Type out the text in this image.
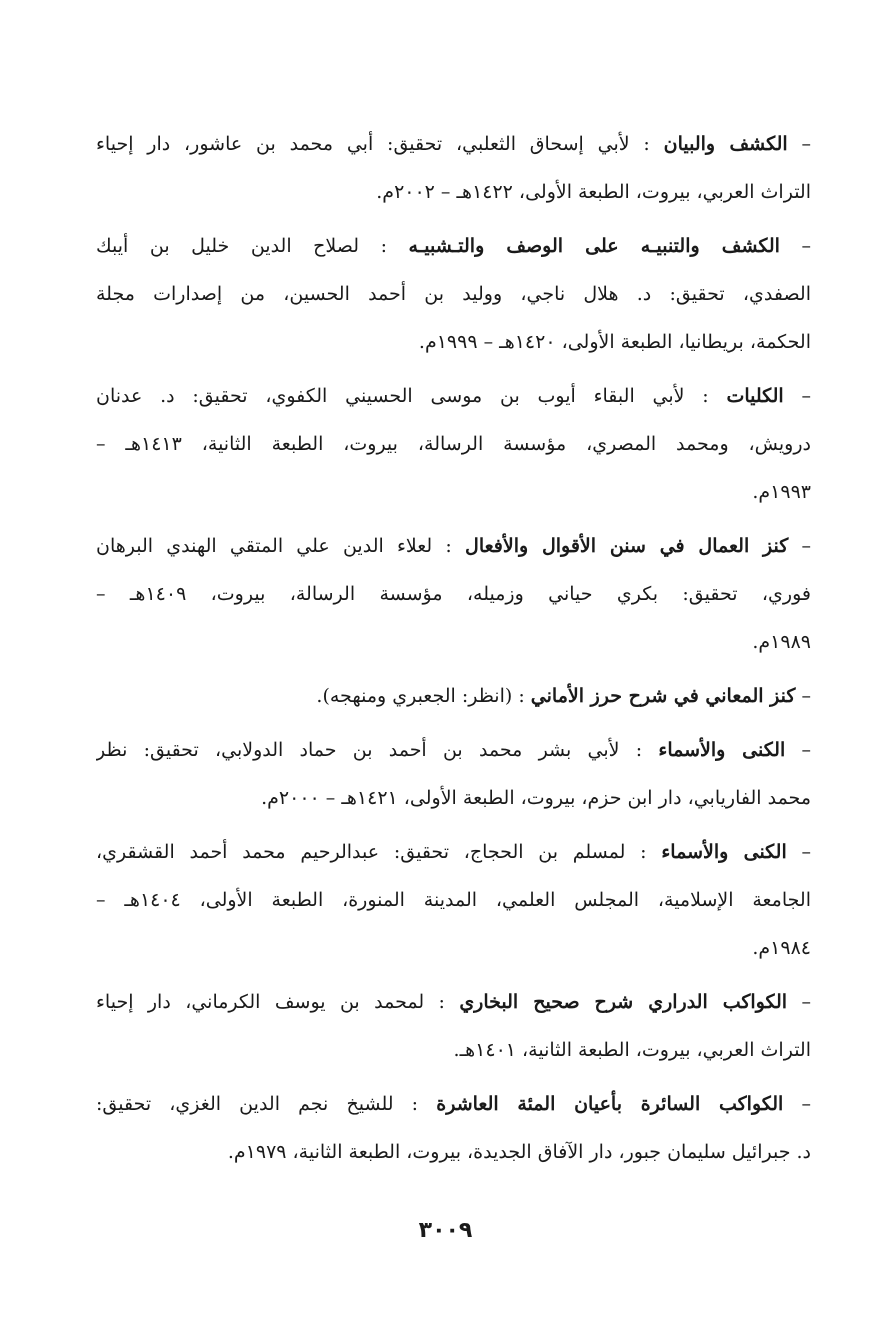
– الكشف والبيان : لأبي إسحاق الثعلبي، تحقيق: أبي محمد بن عاشور، دار إحياء
التراث العربي، بيروت، الطبعة الأولى، ١٤٢٢هـ – ٢٠٠٢م.
– الكشف والتنبيـه على الوصف والتـشبيـه : لصلاح الدين خليل بن أيبك
الصفدي، تحقيق: د. هلال ناجي، ووليد بن أحمد الحسين، من إصدارات مجلة
الحكمة، بريطانيا، الطبعة الأولى، ١٤٢٠هـ – ١٩٩٩م.
– الكليات : لأبي البقاء أيوب بن موسى الحسيني الكفوي، تحقيق: د. عدنان
درويش، ومحمد المصري، مؤسسة الرسالة، بيروت، الطبعة الثانية، ١٤١٣هـ –
١٩٩٣م.
– كنز العمال في سنن الأقوال والأفعال : لعلاء الدين علي المتقي الهندي البرهان
فوري، تحقيق: بكري حياني وزميله، مؤسسة الرسالة، بيروت، ١٤٠٩هـ –
١٩٨٩م.
– كنز المعاني في شرح حرز الأماني : (انظر: الجعبري ومنهجه).
– الكنى والأسماء : لأبي بشر محمد بن أحمد بن حماد الدولابي، تحقيق: نظر
محمد الفاريابي، دار ابن حزم، بيروت، الطبعة الأولى، ١٤٢١هـ – ٢٠٠٠م.
– الكنى والأسماء : لمسلم بن الحجاج، تحقيق: عبدالرحيم محمد أحمد القشقري،
الجامعة الإسلامية، المجلس العلمي، المدينة المنورة، الطبعة الأولى، ١٤٠٤هـ –
١٩٨٤م.
– الكواكب الدراري شرح صحيح البخاري : لمحمد بن يوسف الكرماني، دار إحياء
التراث العربي، بيروت، الطبعة الثانية، ١٤٠١هـ.
– الكواكب السائرة بأعيان المئة العاشرة : للشيخ نجم الدين الغزي، تحقيق:
د. جبرائيل سليمان جبور، دار الآفاق الجديدة، بيروت، الطبعة الثانية، ١٩٧٩م.
٣٠٠٩
